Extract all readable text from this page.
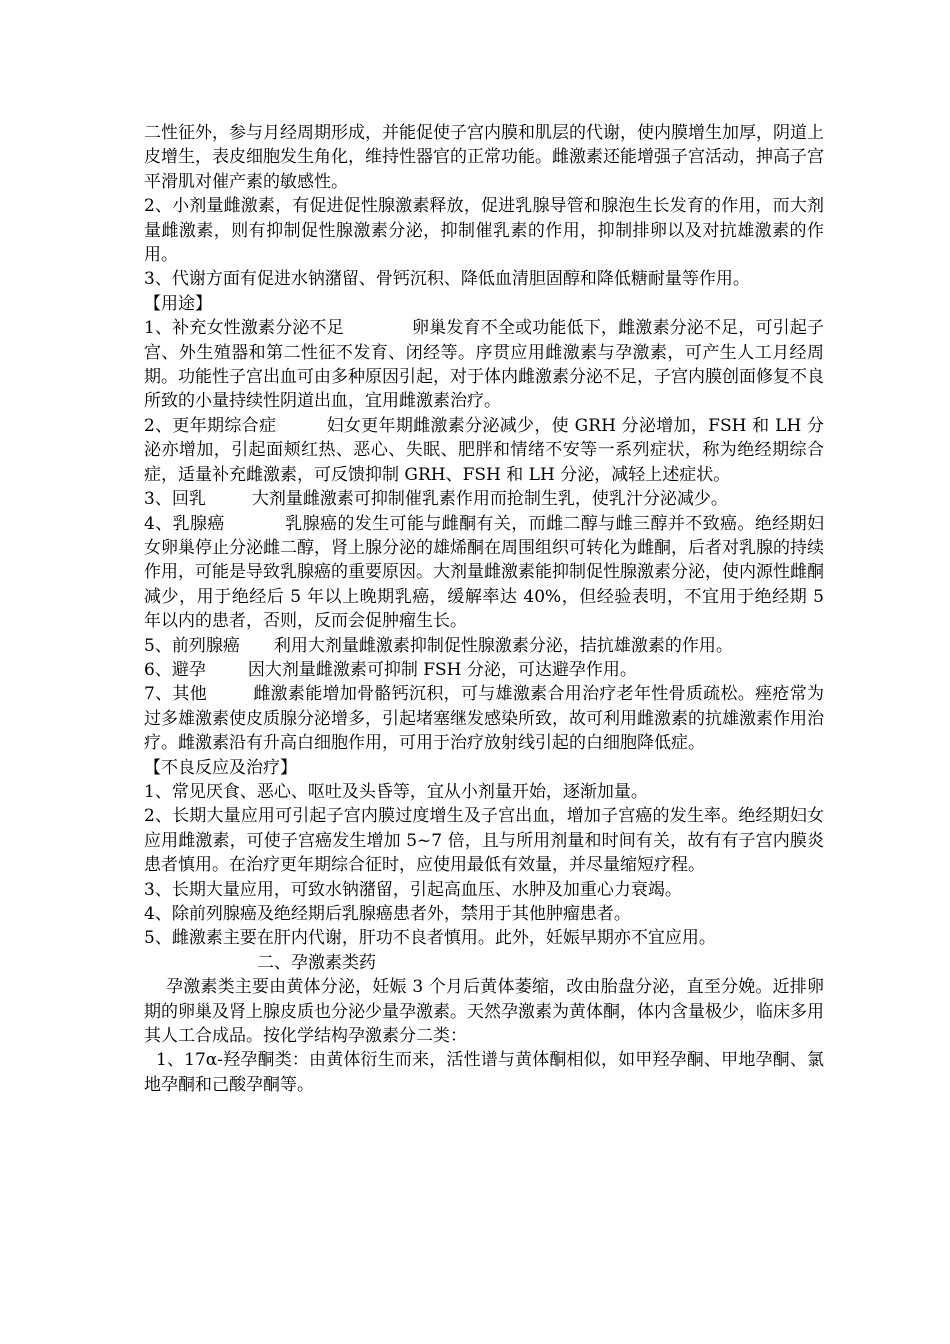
二性征外，参与月经周期形成，并能促使子宫内膜和肌层的代谢，使内膜增生加厚，阴道上皮增生，表皮细胞发生角化，维持性器官的正常功能。雌激素还能增强子宫活动，抻高子宫平滑肌对催产素的敏感性。

2、小剂量雌激素，有促进促性腺激素释放，促进乳腺导管和腺泡生长发育的作用，而大剂量雌激素，则有抑制促性腺激素分泌，抑制催乳素的作用，抑制排卵以及对抗雄激素的作用。

3、代谢方面有促进水钠潴留、骨钙沉积、降低血清胆固醇和降低糖耐量等作用。

【用途】

1、补充女性激素分泌不足	卵巢发育不全或功能低下，雌激素分泌不足，可引起子宫、外生殖器和第二性征不发育、闭经等。序贯应用雌激素与孕激素，可产生人工月经周期。功能性子宫出血可由多种原因引起，对于体内雌激素分泌不足，子宫内膜创面修复不良所致的小量持续性阴道出血，宜用雌激素治疗。

2、更年期综合症	妇女更年期雌激素分泌减少，使 GRH 分泌增加，FSH 和 LH 分泌亦增加，引起面颊红热、恶心、失眠、肥胖和情绪不安等一系列症状，称为绝经期综合症，适量补充雌激素，可反馈抑制 GRH、FSH 和 LH 分泌，减轻上述症状。

3、回乳	大剂量雌激素可抑制催乳素作用而抢制生乳，使乳汁分泌减少。

4、乳腺癌	乳腺癌的发生可能与雌酮有关，而雌二醇与雌三醇并不致癌。绝经期妇女卵巢停止分泌雌二醇，肾上腺分泌的雄烯酮在周围组织可转化为雌酮，后者对乳腺的持续作用，可能是导致乳腺癌的重要原因。大剂量雌激素能抑制促性腺激素分泌，使内源性雌酮减少，用于绝经后 5 年以上晚期乳癌，缓解率达 40%，但经验表明，不宜用于绝经期 5 年以内的患者，否则，反而会促肿瘤生长。

5、前列腺癌 利用大剂量雌激素抑制促性腺激素分泌，拮抗雄激素的作用。

6、避孕 因大剂量雌激素可抑制 FSH 分泌，可达避孕作用。

7、其他	雌激素能增加骨骼钙沉积，可与雄激素合用治疗老年性骨质疏松。痤疮常为过多雄激素使皮质腺分泌增多，引起堵塞继发感染所致，故可利用雌激素的抗雄激素作用治疗。雌激素沿有升高白细胞作用，可用于治疗放射线引起的白细胞降低症。

【不良反应及治疗】

1、常见厌食、恶心、呕吐及头昏等，宜从小剂量开始，逐渐加量。

2、长期大量应用可引起子宫内膜过度增生及子宫出血，增加子宫癌的发生率。绝经期妇女应用雌激素，可使子宫癌发生增加 5~7 倍，且与所用剂量和时间有关，故有有子宫内膜炎患者慎用。在治疗更年期综合征时，应使用最低有效量，并尽量缩短疗程。

3、长期大量应用，可致水钠潴留，引起高血压、水肿及加重心力衰竭。

4、除前列腺癌及绝经期后乳腺癌患者外，禁用于其他肿瘤患者。

5、雌激素主要在肝内代谢，肝功不良者慎用。此外，妊娠早期亦不宜应用。

二、孕激素类药

孕激素类主要由黄体分泌，妊娠 3 个月后黄体萎缩，改由胎盘分泌，直至分娩。近排卵期的卵巢及肾上腺皮质也分泌少量孕激素。天然孕激素为黄体酮，体内含量极少，临床多用其人工合成品。按化学结构孕激素分二类：

1、17α-羟孕酮类：由黄体衍生而来，活性谱与黄体酮相似，如甲羟孕酮、甲地孕酮、氯地孕酮和己酸孕酮等。
